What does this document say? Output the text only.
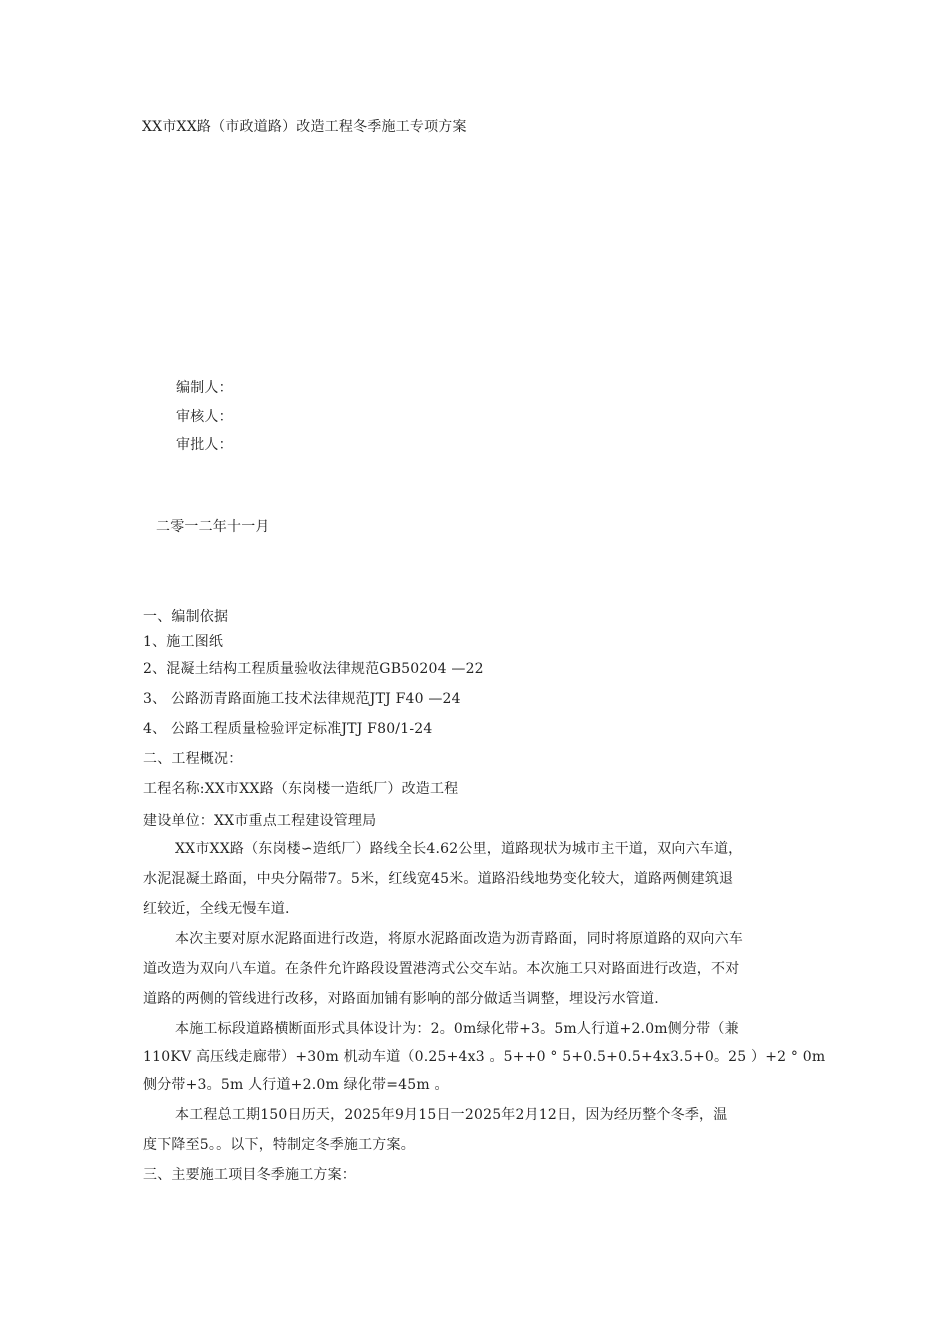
XX市XX路（市政道路）改造工程冬季施工专项方案
编制人：
审核人：
审批人：
二零一二年十一月
一、编制依据
1、施工图纸
2、混凝土结构工程质量验收法律规范GB50204 —22
3、 公路沥青路面施工技术法律规范JTJ F40 —24
4、 公路工程质量检验评定标准JTJ F80/1-24
二、工程概况：
工程名称:XX市XX路（东岗楼一造纸厂）改造工程
建设单位：XX市重点工程建设管理局
XX市XX路（东岗楼∽造纸厂）路线全长4.62公里，道路现状为城市主干道，双向六车道，
水泥混凝土路面，中央分隔带7。5米，红线宽45米。道路沿线地势变化较大，道路两侧建筑退
红较近，全线无慢车道.
本次主要对原水泥路面进行改造，将原水泥路面改造为沥青路面，同时将原道路的双向六车
道改造为双向八车道。在条件允许路段设置港湾式公交车站。本次施工只对路面进行改造，不对
道路的两侧的管线进行改移，对路面加铺有影响的部分做适当调整，埋设污水管道.
本施工标段道路横断面形式具体设计为：2。0m绿化带+3。5m人行道+2.0m侧分带（兼
110KV 高压线走廊带）+30m 机动车道（0.25+4x3 。5++0 ° 5+0.5+0.5+4x3.5+0。25 ）+2 ° 0m
侧分带+3。5m 人行道+2.0m 绿化带=45m 。
本工程总工期150日历天，2025年9月15日一2025年2月12日，因为经历整个冬季，温
度下降至5。。以下，特制定冬季施工方案。
三、主要施工项目冬季施工方案：
